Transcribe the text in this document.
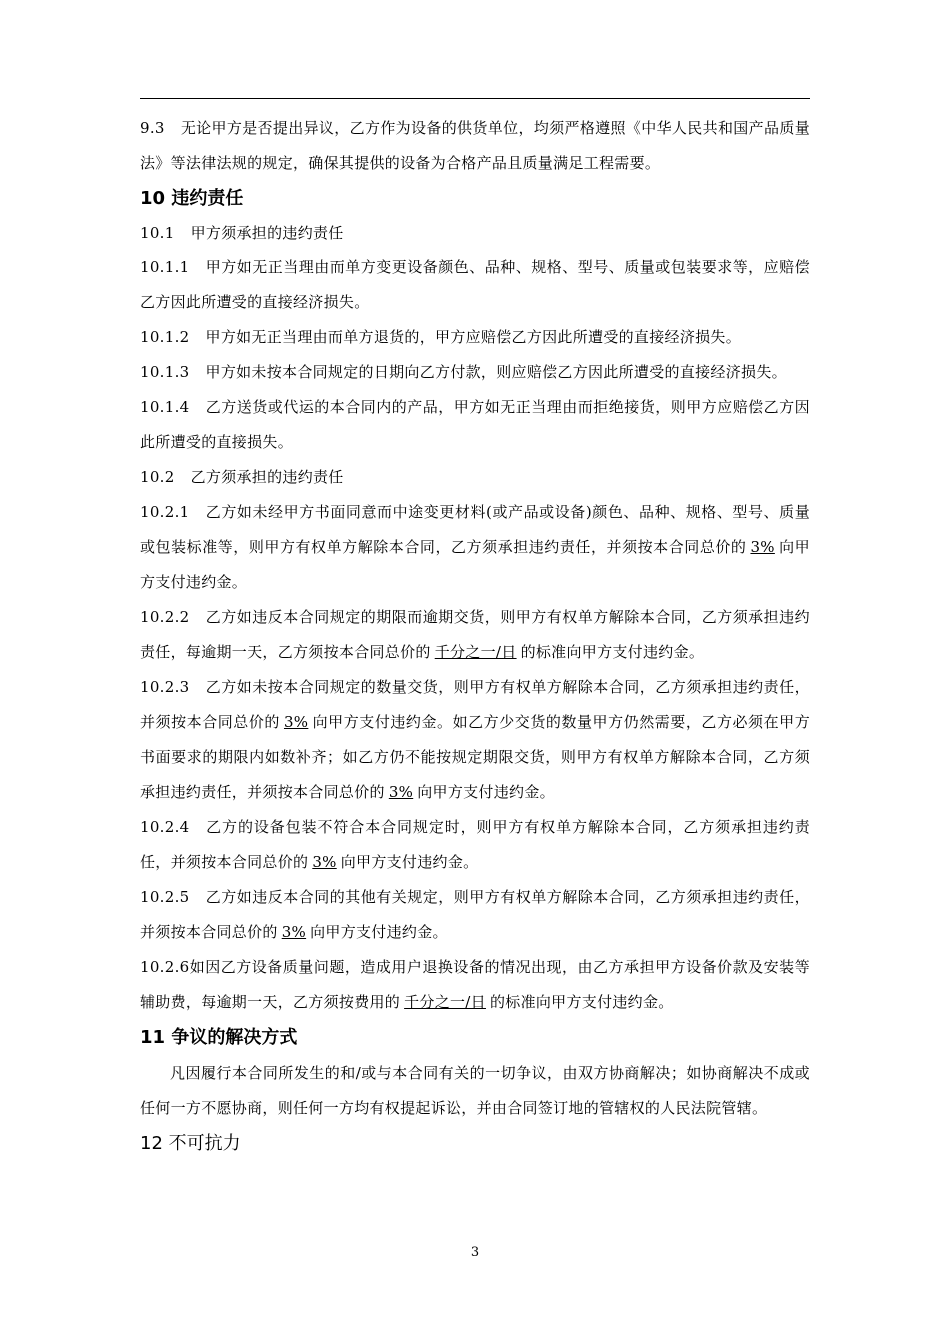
9.3 无论甲方是否提出异议，乙方作为设备的供货单位，均须严格遵照《中华人民共和国产品质量法》等法律法规的规定，确保其提供的设备为合格产品且质量满足工程需要。

10 违约责任

10.1 甲方须承担的违约责任

10.1.1 甲方如无正当理由而单方变更设备颜色、品种、规格、型号、质量或包装要求等，应赔偿乙方因此所遭受的直接经济损失。

10.1.2 甲方如无正当理由而单方退货的，甲方应赔偿乙方因此所遭受的直接经济损失。

10.1.3 甲方如未按本合同规定的日期向乙方付款，则应赔偿乙方因此所遭受的直接经济损失。

10.1.4 乙方送货或代运的本合同内的产品，甲方如无正当理由而拒绝接货，则甲方应赔偿乙方因此所遭受的直接损失。

10.2 乙方须承担的违约责任

10.2.1 乙方如未经甲方书面同意而中途变更材料(或产品或设备)颜色、品种、规格、型号、质量或包装标准等，则甲方有权单方解除本合同，乙方须承担违约责任，并须按本合同总价的 3% 向甲方支付违约金。

10.2.2 乙方如违反本合同规定的期限而逾期交货，则甲方有权单方解除本合同，乙方须承担违约责任，每逾期一天，乙方须按本合同总价的 千分之一/日 的标准向甲方支付违约金。

10.2.3 乙方如未按本合同规定的数量交货，则甲方有权单方解除本合同，乙方须承担违约责任，并须按本合同总价的 3% 向甲方支付违约金。如乙方少交货的数量甲方仍然需要，乙方必须在甲方书面要求的期限内如数补齐；如乙方仍不能按规定期限交货，则甲方有权单方解除本合同，乙方须承担违约责任，并须按本合同总价的 3% 向甲方支付违约金。

10.2.4 乙方的设备包装不符合本合同规定时，则甲方有权单方解除本合同，乙方须承担违约责任，并须按本合同总价的 3% 向甲方支付违约金。

10.2.5 乙方如违反本合同的其他有关规定，则甲方有权单方解除本合同，乙方须承担违约责任，并须按本合同总价的 3% 向甲方支付违约金。

10.2.6如因乙方设备质量问题，造成用户退换设备的情况出现，由乙方承担甲方设备价款及安装等辅助费，每逾期一天，乙方须按费用的 千分之一/日 的标准向甲方支付违约金。

11 争议的解决方式

凡因履行本合同所发生的和/或与本合同有关的一切争议，由双方协商解决；如协商解决不成或任何一方不愿协商，则任何一方均有权提起诉讼，并由合同签订地的管辖权的人民法院管辖。

12 不可抗力

3
